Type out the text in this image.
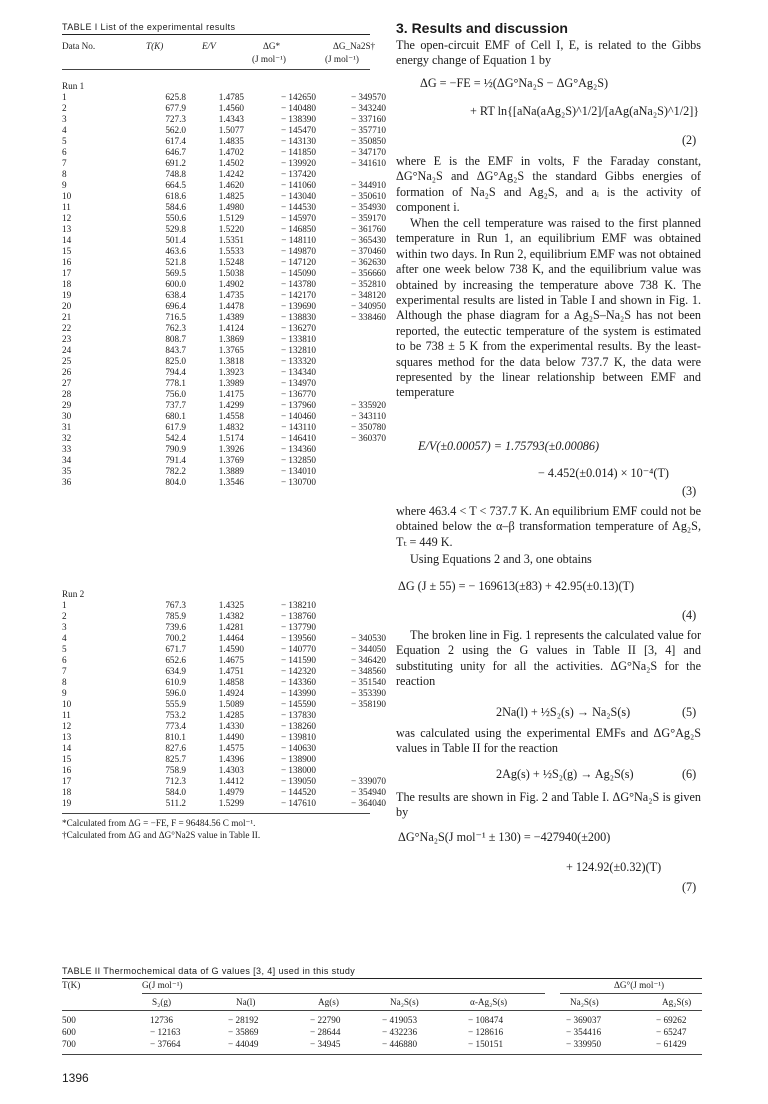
TABLE I List of the experimental results
Data No.	T(K)	E/V	ΔG*	ΔG_Na2S†
(J mol⁻¹)	(J mol⁻¹)
Run 1
1	625.8	1.4785	− 142650	− 349570
2	677.9	1.4560	− 140480	− 343240
3	727.3	1.4343	− 138390	− 337160
4	562.0	1.5077	− 145470	− 357710
5	617.4	1.4835	− 143130	− 350850
6	646.7	1.4702	− 141850	− 347170
7	691.2	1.4502	− 139920	− 341610
8	748.8	1.4242	− 137420	
9	664.5	1.4620	− 141060	− 344910
10	618.6	1.4825	− 143040	− 350610
11	584.6	1.4980	− 144530	− 354930
12	550.6	1.5129	− 145970	− 359170
13	529.8	1.5220	− 146850	− 361760
14	501.4	1.5351	− 148110	− 365430
15	463.6	1.5533	− 149870	− 370460
16	521.8	1.5248	− 147120	− 362630
17	569.5	1.5038	− 145090	− 356660
18	600.0	1.4902	− 143780	− 352810
19	638.4	1.4735	− 142170	− 348120
20	696.4	1.4478	− 139690	− 340950
21	716.5	1.4389	− 138830	− 338460
22	762.3	1.4124	− 136270	
23	808.7	1.3869	− 133810	
24	843.7	1.3765	− 132810	
25	825.0	1.3818	− 133320	
26	794.4	1.3923	− 134340	
27	778.1	1.3989	− 134970	
28	756.0	1.4175	− 136770	
29	737.7	1.4299	− 137960	− 335920
30	680.1	1.4558	− 140460	− 343110
31	617.9	1.4832	− 143110	− 350780
32	542.4	1.5174	− 146410	− 360370
33	790.9	1.3926	− 134360	
34	791.4	1.3769	− 132850	
35	782.2	1.3889	− 134010	
36	804.0	1.3546	− 130700	
Run 2
1	767.3	1.4325	− 138210	
2	785.9	1.4382	− 138760	
3	739.6	1.4281	− 137790	
4	700.2	1.4464	− 139560	− 340530
5	671.7	1.4590	− 140770	− 344050
6	652.6	1.4675	− 141590	− 346420
7	634.9	1.4751	− 142320	− 348560
8	610.9	1.4858	− 143360	− 351540
9	596.0	1.4924	− 143990	− 353390
10	555.9	1.5089	− 145590	− 358190
11	753.2	1.4285	− 137830	
12	773.4	1.4330	− 138260	
13	810.1	1.4490	− 139810	
14	827.6	1.4575	− 140630	
15	825.7	1.4396	− 138900	
16	758.9	1.4303	− 138000	
17	712.3	1.4412	− 139050	− 339070
18	584.0	1.4979	− 144520	− 354940
19	511.2	1.5299	− 147610	− 364040
*Calculated from ΔG = −FE, F = 96484.56 C mol⁻¹.
†Calculated from ΔG and ΔG°Na2S value in Table II.
3. Results and discussion
The open-circuit EMF of Cell I, E, is related to the Gibbs energy change of Equation 1 by
ΔG = −FE = ½(ΔG°Na₂S − ΔG°Ag₂S)
+ RT ln{[aNa(aAg₂S)^1/2]/[aAg(aNa₂S)^1/2]}
(2)
where E is the EMF in volts, F the Faraday constant, ΔG°Na₂S and ΔG°Ag₂S the standard Gibbs energies of formation of Na₂S and Ag₂S, and aᵢ is the activity of component i.
When the cell temperature was raised to the first planned temperature in Run 1, an equilibrium EMF was obtained within two days. In Run 2, equilibrium EMF was not obtained after one week below 738 K, and the equilibrium value was obtained by increasing the temperature above 738 K. The experimental results are listed in Table I and shown in Fig. 1. Although the phase diagram for a Ag₂S–Na₂S has not been reported, the eutectic temperature of the system is estimated to be 738 ± 5 K from the experimental results. By the least-squares method for the data below 737.7 K, the data were represented by the linear relationship between EMF and temperature
E/V(±0.00057) = 1.75793(±0.00086)
− 4.452(±0.014) × 10⁻⁴(T)
(3)
where 463.4 < T < 737.7 K. An equilibrium EMF could not be obtained below the α–β transformation temperature of Ag₂S, Tₜ = 449 K.
Using Equations 2 and 3, one obtains
ΔG (J ± 55) = − 169613(±83) + 42.95(±0.13)(T)
(4)
The broken line in Fig. 1 represents the calculated value for Equation 2 using the G values in Table II [3, 4] and substituting unity for all the activities. ΔG°Na₂S for the reaction
2Na(l) + ½S₂(s) → Na₂S(s)	(5)
was calculated using the experimental EMFs and ΔG°Ag₂S values in Table II for the reaction
2Ag(s) + ½S₂(g) → Ag₂S(s)	(6)
The results are shown in Fig. 2 and Table I. ΔG°Na₂S is given by
ΔG°Na₂S(J mol⁻¹ ± 130) = −427940(±200)
+ 124.92(±0.32)(T)
(7)
TABLE II Thermochemical data of G values [3, 4] used in this study
T(K)	G(J mol⁻¹)	ΔG°(J mol⁻¹)
S₂(g)	Na(l)	Ag(s)	Na₂S(s)	α-Ag₂S(s)	Na₂S(s)	Ag₂S(s)
500	12736	− 28192	− 22790	− 419053	− 108474	− 369037	− 69262
600	− 12163	− 35869	− 28644	− 432236	− 128616	− 354416	− 65247
700	− 37664	− 44049	− 34945	− 446880	− 150151	− 339950	− 61429
1396
